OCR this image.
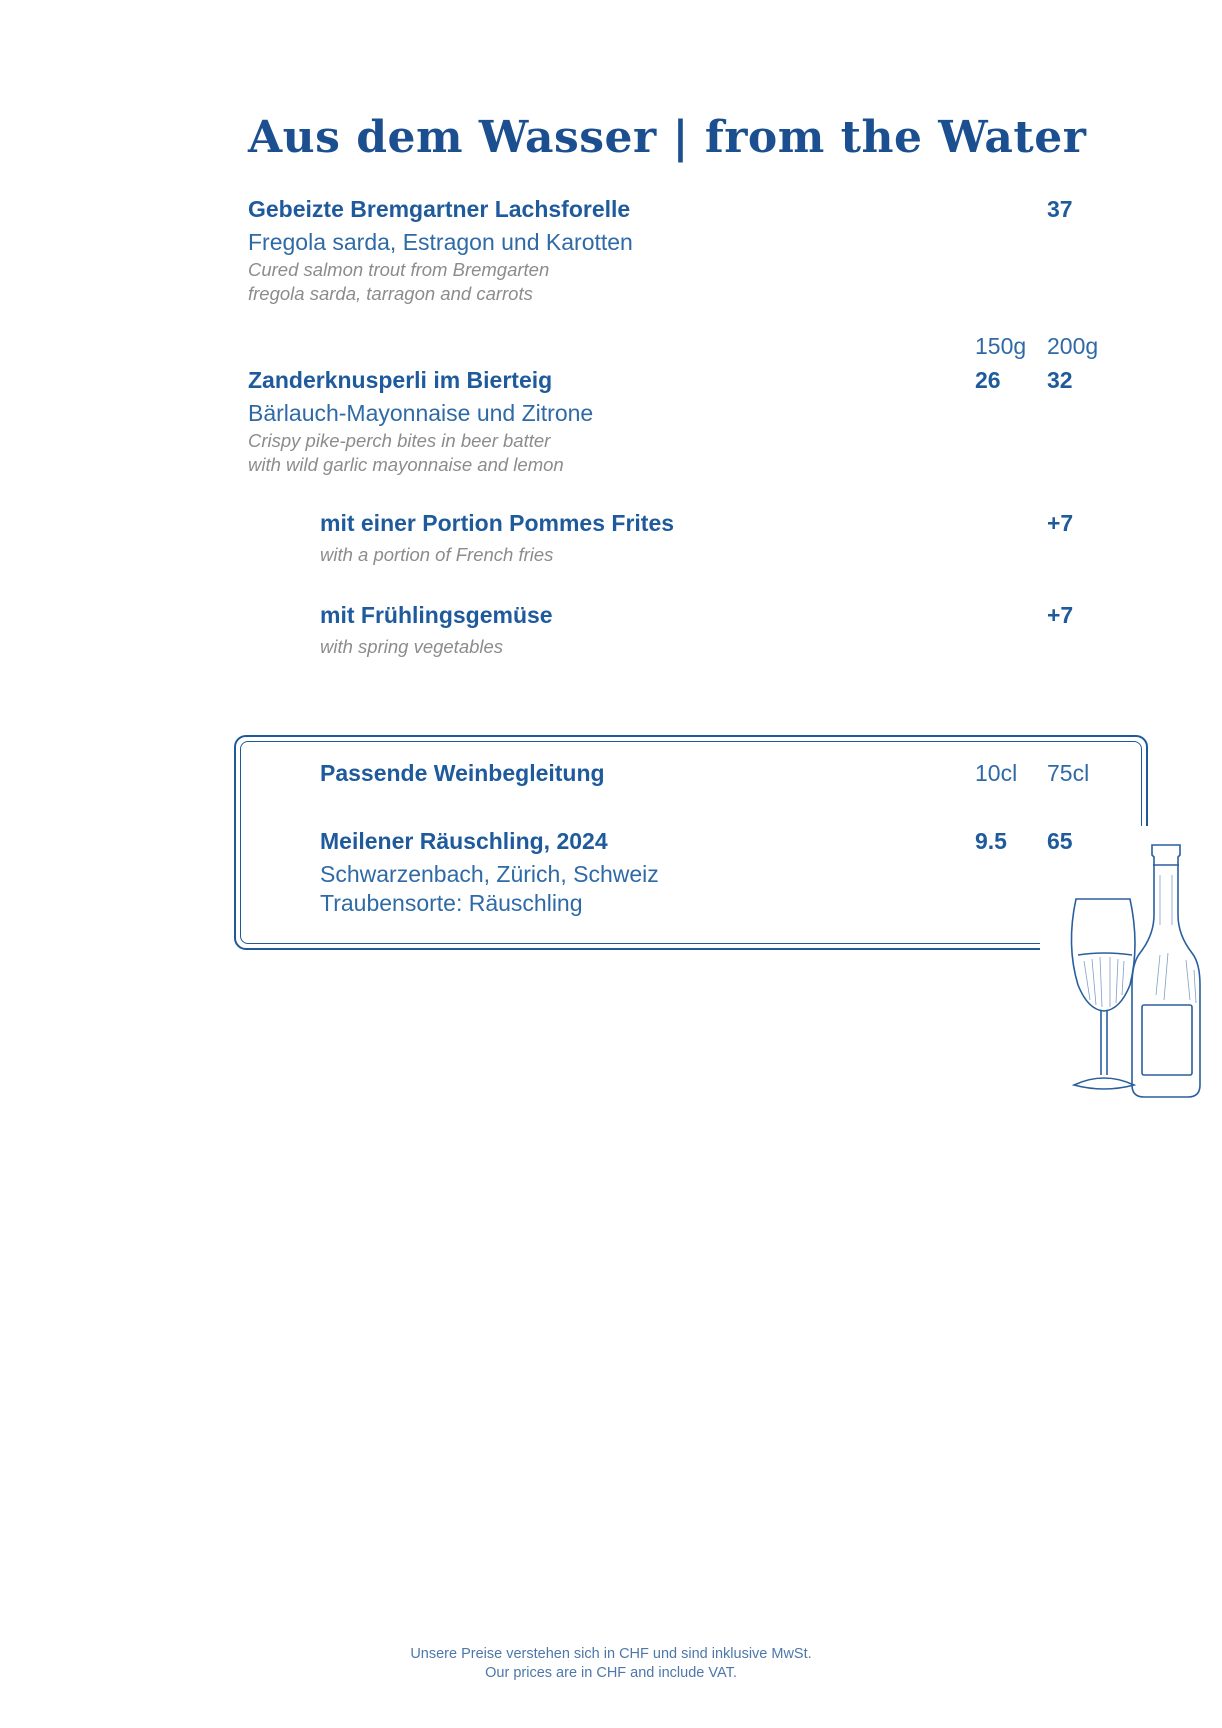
Aus dem Wasser | from the Water
Gebeizte Bremgartner Lachsforelle	37
Fregola sarda, Estragon und Karotten
Cured salmon trout from Bremgarten
fregola sarda, tarragon and carrots
150g 200g
Zanderknusperli im Bierteig	26 32
Bärlauch-Mayonnaise und Zitrone
Crispy pike-perch bites in beer batter
with wild garlic mayonnaise and lemon
mit einer Portion Pommes Frites	+7
with a portion of French fries
mit Frühlingsgemüse	+7
with spring vegetables
Passende Weinbegleitung	10cl 75cl
Meilener Räuschling, 2024	9.5 65
Schwarzenbach, Zürich, Schweiz
Traubensorte: Räuschling
Unsere Preise verstehen sich in CHF und sind inklusive MwSt.
Our prices are in CHF and include VAT.
